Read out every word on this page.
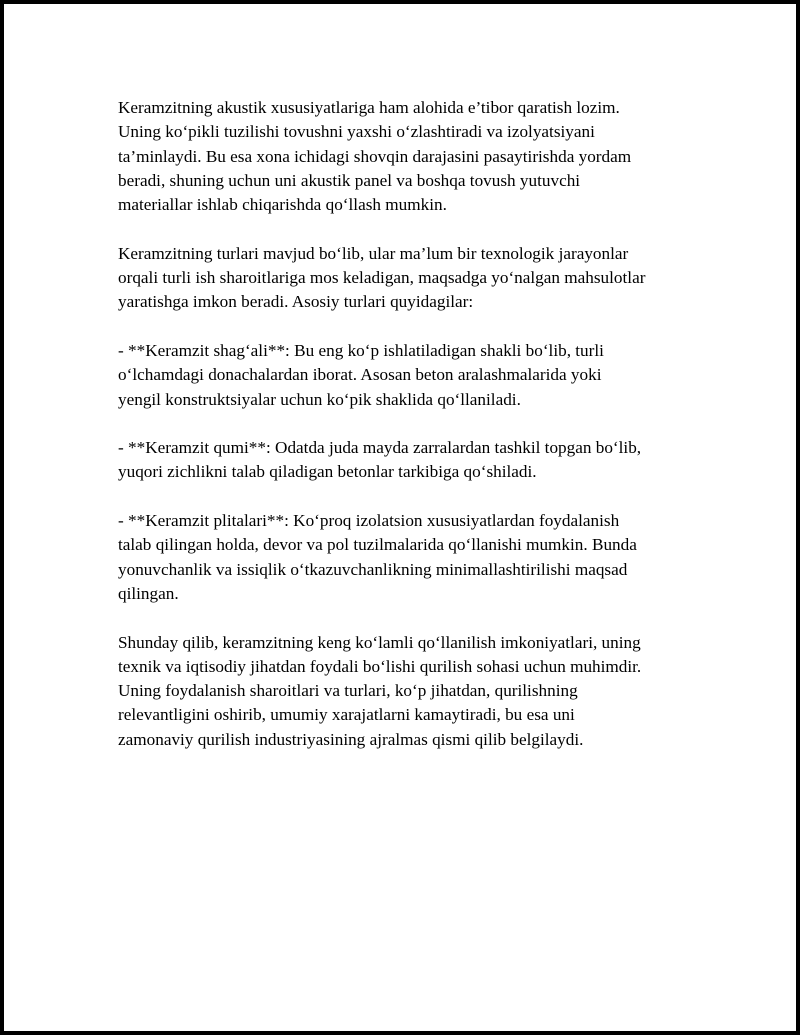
Keramzitning akustik xususiyatlariga ham alohida e’tibor qaratish lozim.
Uning ko‘pikli tuzilishi tovushni yaxshi o‘zlashtiradi va izolyatsiyani
ta’minlaydi. Bu esa xona ichidagi shovqin darajasini pasaytirishda yordam
beradi, shuning uchun uni akustik panel va boshqa tovush yutuvchi
materiallar ishlab chiqarishda qo‘llash mumkin.

Keramzitning turlari mavjud bo‘lib, ular ma’lum bir texnologik jarayonlar
orqali turli ish sharoitlariga mos keladigan, maqsadga yo‘nalgan mahsulotlar
yaratishga imkon beradi. Asosiy turlari quyidagilar:

- **Keramzit shag‘ali**: Bu eng ko‘p ishlatiladigan shakli bo‘lib, turli
o‘lchamdagi donachalardan iborat. Asosan beton aralashmalarida yoki
yengil konstruktsiyalar uchun ko‘pik shaklida qo‘llaniladi.

- **Keramzit qumi**: Odatda juda mayda zarralardan tashkil topgan bo‘lib,
yuqori zichlikni talab qiladigan betonlar tarkibiga qo‘shiladi.

- **Keramzit plitalari**: Ko‘proq izolatsion xususiyatlardan foydalanish
talab qilingan holda, devor va pol tuzilmalarida qo‘llanishi mumkin. Bunda
yonuvchanlik va issiqlik o‘tkazuvchanlikning minimallashtirilishi maqsad
qilingan.

Shunday qilib, keramzitning keng ko‘lamli qo‘llanilish imkoniyatlari, uning
texnik va iqtisodiy jihatdan foydali bo‘lishi qurilish sohasi uchun muhimdir.
Uning foydalanish sharoitlari va turlari, ko‘p jihatdan, qurilishning
relevantligini oshirib, umumiy xarajatlarni kamaytiradi, bu esa uni
zamonaviy qurilish industriyasining ajralmas qismi qilib belgilaydi.
